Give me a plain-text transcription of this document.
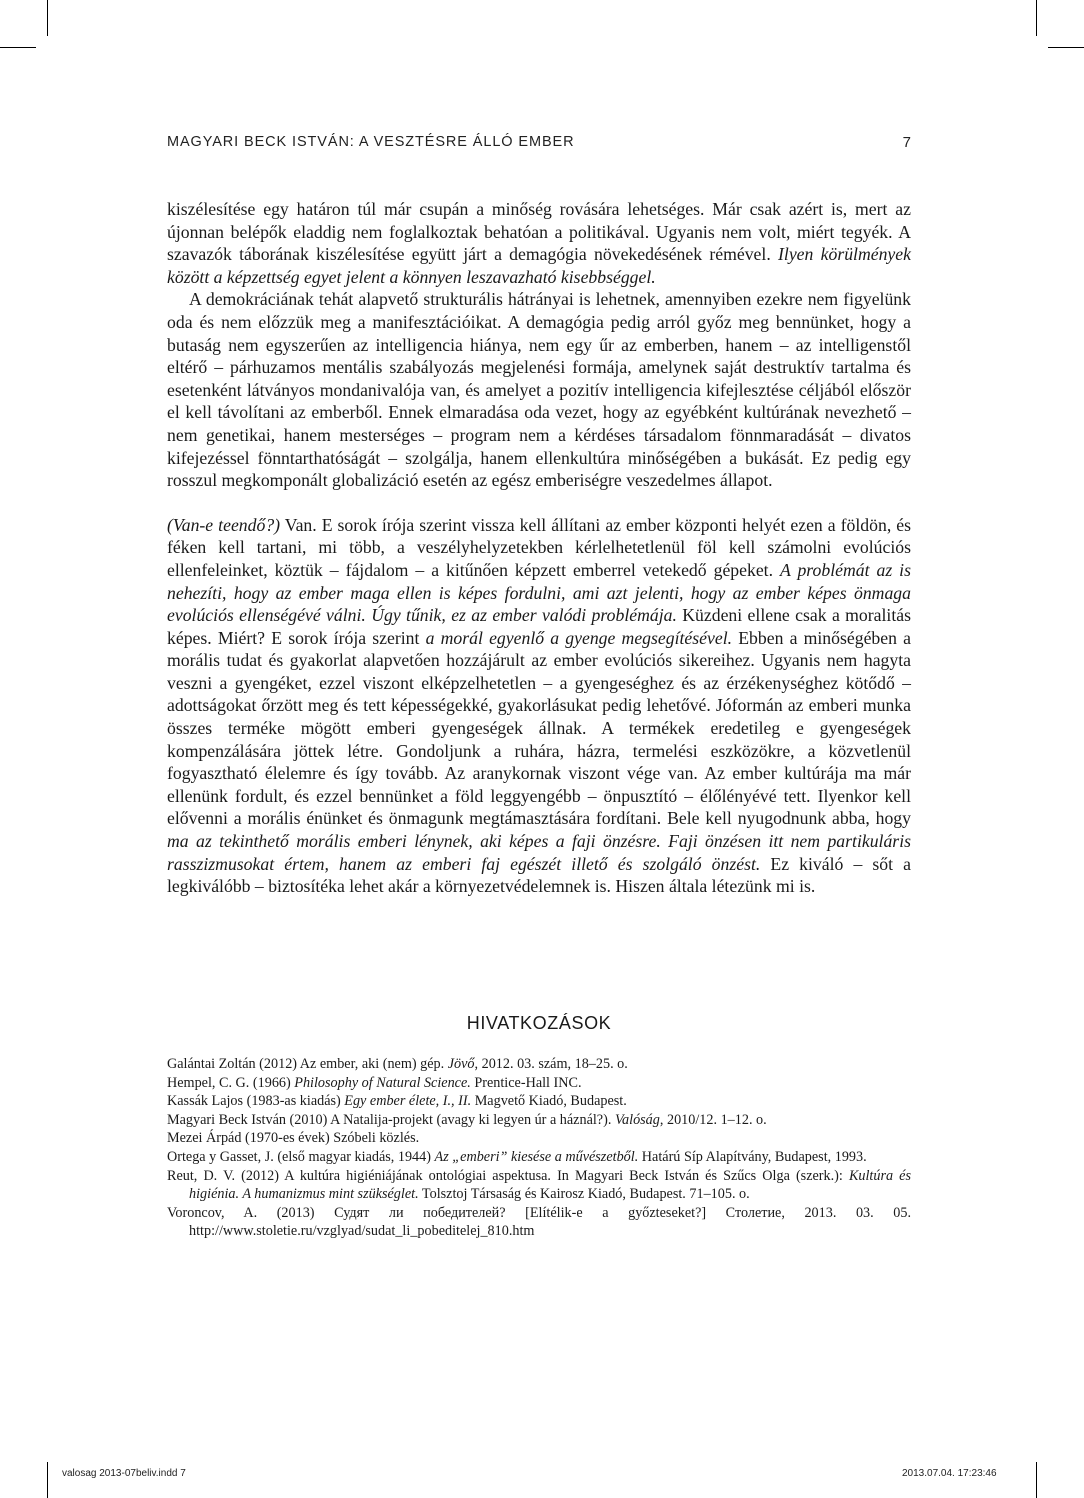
MAGYARI BECK ISTVÁN: A VESZTÉSRE ÁLLÓ EMBER	7

kiszélesítése egy határon túl már csupán a minőség rovására lehetséges. Már csak azért is, mert az újonnan belépők eladdig nem foglalkoztak behatóan a politikával. Ugyanis nem volt, miért tegyék. A szavazók táborának kiszélesítése együtt járt a demagógia növekedésének rémével. Ilyen körülmények között a képzettség egyet jelent a könnyen leszavazható kisebbséggel.

A demokráciának tehát alapvető strukturális hátrányai is lehetnek, amennyiben ezekre nem figyelünk oda és nem előzzük meg a manifesztációikat. A demagógia pedig arról győz meg bennünket, hogy a butaság nem egyszerűen az intelligencia hiánya, nem egy űr az emberben, hanem – az intelligenstől eltérő – párhuzamos mentális szabályozás megjelenési formája, amelynek saját destruktív tartalma és esetenként látványos mondanivalója van, és amelyet a pozitív intelligencia kifejlesztése céljából először el kell távolítani az emberből. Ennek elmaradása oda vezet, hogy az egyébként kultúrának nevezhető – nem genetikai, hanem mesterséges – program nem a kérdéses társadalom fönnmaradását – divatos kifejezéssel fönntarthatóságát – szolgálja, hanem ellenkultúra minőségében a bukását. Ez pedig egy rosszul megkomponált globalizáció esetén az egész emberiségre veszedelmes állapot.

(Van-e teendő?) Van. E sorok írója szerint vissza kell állítani az ember központi helyét ezen a földön, és féken kell tartani, mi több, a veszélyhelyzetekben kérlelhetetlenül föl kell számolni evolúciós ellenfeleinket, köztük – fájdalom – a kitűnően képzett emberrel vetekedő gépeket. A problémát az is nehezíti, hogy az ember maga ellen is képes fordulni, ami azt jelenti, hogy az ember képes önmaga evolúciós ellenségévé válni. Úgy tűnik, ez az ember valódi problémája. Küzdeni ellene csak a moralitás képes. Miért? E sorok írója szerint a morál egyenlő a gyenge megsegítésével. Ebben a minőségében a morális tudat és gyakorlat alapvetően hozzájárult az ember evolúciós sikereihez. Ugyanis nem hagyta veszni a gyengéket, ezzel viszont elképzelhetetlen – a gyengeséghez és az érzékenységhez kötődő – adottságokat őrzött meg és tett képességekké, gyakorlásukat pedig lehetővé. Jóformán az emberi munka összes terméke mögött emberi gyengeségek állnak. A termékek eredetileg e gyengeségek kompenzálására jöttek létre. Gondoljunk a ruhára, házra, termelési eszközökre, a közvetlenül fogyasztható élelemre és így tovább. Az aranykornak viszont vége van. Az ember kultúrája ma már ellenünk fordult, és ezzel bennünket a föld leggyengébb – önpusztító – élőlényévé tett. Ilyenkor kell elővenni a morális énünket és önmagunk megtámasztására fordítani. Bele kell nyugodnunk abba, hogy ma az tekinthető morális emberi lénynek, aki képes a faji önzésre. Faji önzésen itt nem partikuláris rasszizmusokat értem, hanem az emberi faj egészét illető és szolgáló önzést. Ez kiváló – sőt a legkiválóbb – biztosítéka lehet akár a környezetvédelemnek is. Hiszen általa létezünk mi is.

HIVATKOZÁSOK

Galántai Zoltán (2012) Az ember, aki (nem) gép. Jövő, 2012. 03. szám, 18–25. o.

Hempel, C. G. (1966) Philosophy of Natural Science. Prentice-Hall INC.

Kassák Lajos (1983-as kiadás) Egy ember élete, I., II. Magvető Kiadó, Budapest.

Magyari Beck István (2010) A Natalija-projekt (avagy ki legyen úr a háznál?). Valóság, 2010/12. 1–12. o.

Mezei Árpád (1970-es évek) Szóbeli közlés.

Ortega y Gasset, J. (első magyar kiadás, 1944) Az „emberi” kiesése a művészetből. Határú Síp Alapítvány, Budapest, 1993.

Reut, D. V. (2012) A kultúra higiéniájának ontológiai aspektusa. In Magyari Beck István és Szűcs Olga (szerk.): Kultúra és higiénia. A humanizmus mint szükséglet. Tolsztoj Társaság és Kairosz Kiadó, Budapest. 71–105. o.

Voroncov, A. (2013) Судят ли победителей? [Elítélik-e a győzteseket?] Столетие, 2013. 03. 05. http://www.stoletie.ru/vzglyad/sudat_li_pobeditelej_810.htm

valosag 2013-07beliv.indd 7	2013.07.04. 17:23:46
